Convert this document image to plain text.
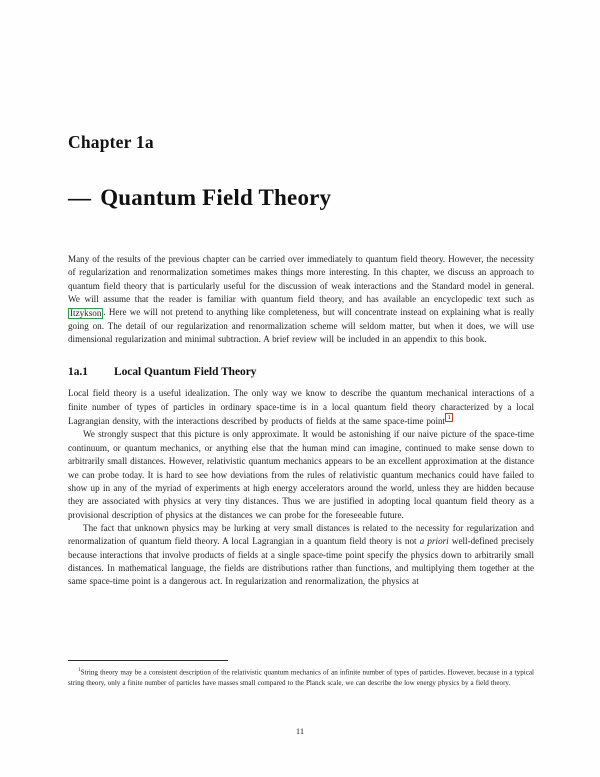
Chapter 1a
— Quantum Field Theory

Many of the results of the previous chapter can be carried over immediately to quantum field theory. However, the necessity of regularization and renormalization sometimes makes things more interesting. In this chapter, we discuss an approach to quantum field theory that is particularly useful for the discussion of weak interactions and the Standard model in general. We will assume that the reader is familiar with quantum field theory, and has available an encyclopedic text such as Itzykson . Here we will not pretend to anything like completeness, but will concentrate instead on explaining what is really going on. The detail of our regularization and renormalization scheme will seldom matter, but when it does, we will use dimensional regularization and minimal subtraction. A brief review will be included in an appendix to this book.

1a.1 Local Quantum Field Theory

Local field theory is a useful idealization. The only way we know to describe the quantum mechanical interactions of a finite number of types of particles in ordinary space-time is in a local quantum field theory characterized by a local Lagrangian density, with the interactions described by products of fields at the same space-time point 1

We strongly suspect that this picture is only approximate. It would be astonishing if our naive picture of the space-time continuum, or quantum mechanics, or anything else that the human mind can imagine, continued to make sense down to arbitrarily small distances. However, relativistic quantum mechanics appears to be an excellent approximation at the distance we can probe today. It is hard to see how deviations from the rules of relativistic quantum mechanics could have failed to show up in any of the myriad of experiments at high energy accelerators around the world, unless they are hidden because they are associated with physics at very tiny distances. Thus we are justified in adopting local quantum field theory as a provisional description of physics at the distances we can probe for the foreseeable future.

The fact that unknown physics may be lurking at very small distances is related to the necessity for regularization and renormalization of quantum field theory. A local Lagrangian in a quantum field theory is not a priori well-defined precisely because interactions that involve products of fields at a single space-time point specify the physics down to arbitrarily small distances. In mathematical language, the fields are distributions rather than functions, and multiplying them together at the same space-time point is a dangerous act. In regularization and renormalization, the physics at

$^1$String theory may be a consistent description of the relativistic quantum mechanics of an infinite number of types of particles. However, because in a typical string theory, only a finite number of particles have masses small compared to the Planck scale, we can describe the low energy physics by a field theory.

11
